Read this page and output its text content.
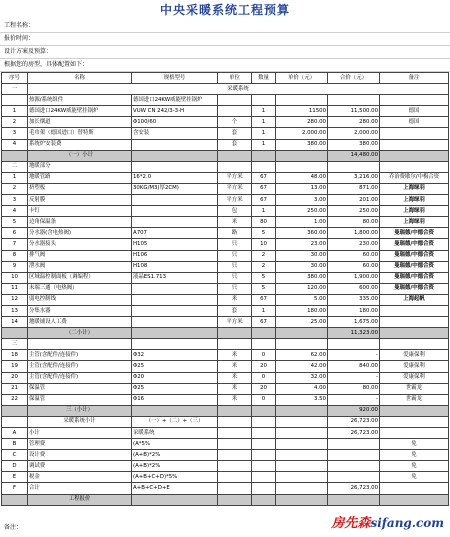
中央采暖系统工程预算
工程名称：
报价时间：
设计方案及预算：
根据您的房型，具体配置如下：
序号	名称	规格型号	单位	数量	单价（元）	合价（元）	备注
一	采暖系统						
	热源/系统组件	德国进口24KW威能壁挂锅炉					
1	德国进口24KW威能壁挂锅炉	VUW CN 242/3-3-H		1	11500	11,500.00	德国
2	加长烟道	Φ100/60	个	1	280.00	280.00	德国
3	毛巾架（德国进口）替特斯	含安装	套	1	2,000.00	2,000.00	
4	系统炉安装费		套	1	380.00	380.00	
	（一）小计					14,480.00	
二	地暖部分						
1	地暖管路	16*2.0	平方米	67	48.00	3,216.00	乔治费歇尔/中梅合资
2	挤塑板	30KG/M3(厚2CM)	平方米	67	13.00	871.00	上海绿羽
3	反射膜		平方米	67	3.00	201.00	上海绿羽
4	卡钉		包	1	250.00	250.00	上海绿羽
5	边角保温条		米	80	1.00	80.00	上海绿羽
6	分水器(含电热阀)	A707	路	5	360.00	1,800.00	曼瑞德/中德合资
7	分水器接头	H105	只	10	23.00	230.00	曼瑞德/中德合资
8	排气阀	H106	只	2	30.00	60.00	曼瑞德/中德合资
9	泄水阀	H108	只	2	30.00	60.00	曼瑞德/中德合资
10	区域温控制面板（调编程）	液晶ES1.713	只	5	380.00	1,900.00	曼瑞德/中德合资
11	末端三通（电热阀）		只	5	120.00	600.00	曼瑞德/中德合资
12	弱电控制线		米	67	5.00	335.00	上海起帆
13	分集水器		套	1	180.00	180.00	
14	地暖铺设人工费		平方米	67	25.00	1,675.00	
	（二小计）					11,323.00	
三							
18	主管(含配件/连接件)	Φ32	米	0	62.00	-	爱康保利
19	主管(含配件/连接件)	Φ25	米	20	42.00	840.00	爱康保利
20	主管(含配件/连接件)	Φ20	米	0	32.00	-	爱康保利
21	保温管	Φ25	米	20	4.00	80.00	世霸龙
22	保温管	Φ16	米	0	3.50	-	世霸龙
	三（小计）					920.00	
	采暖系统小计	（一）+（二）+（三）				26,723.00	
A	小计	采暖系统				26,723.00	
B	管理费	(A*5%					免
C	设计费	(A+B)*2%					免
D	调试费	(A+B)*2%					免
E	税金	(A+B+C+D)*5%					免
F	合计	A+B+C+D+E				26,723.00	
	工程报价						
备注：	房先森sifang.com
